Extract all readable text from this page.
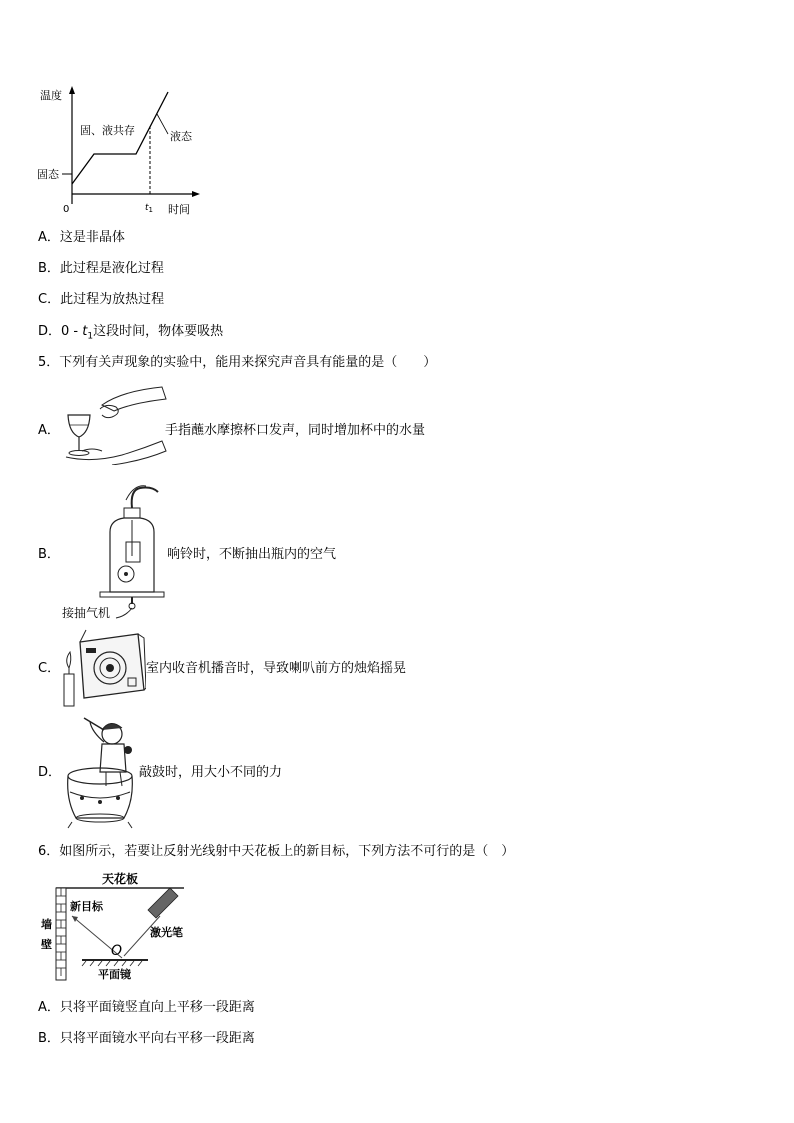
温度
固、液共存	液态
固态
0	$t_1$ 时间
A．这是非晶体
B．此过程是液化过程
C．此过程为放热过程
D．$0 - t_1$这段时间，物体要吸热
5．下列有关声现象的实验中，能用来探究声音具有能量的是（　　）
A．	手指蘸水摩擦杯口发声，同时增加杯中的水量
B．
接抽气机
响铃时，不断抽出瓶内的空气
C．	室内收音机播音时，导致喇叭前方的烛焰摇晃
D．	敲鼓时，用大小不同的力
6．如图所示，若要让反射光线射中天花板上的新目标，下列方法不可行的是（　）
天花板
新目标
墙
壁	O
激光笔
平面镜
A．只将平面镜竖直向上平移一段距离
B．只将平面镜水平向右平移一段距离
